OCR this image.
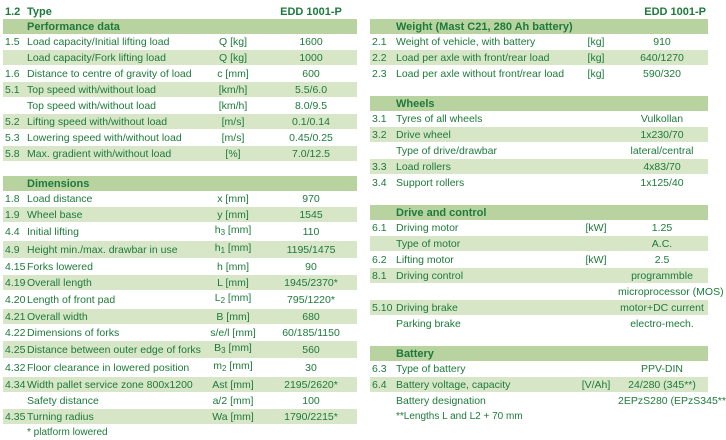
1.2	Type		EDD 1001-P
	Performance data		
1.5	Load capacity/Initial lifting load	Q [kg]	1600
	Load capacity/Fork lifting load	Q [kg]	1000
1.6	Distance to centre of gravity of load	c [mm]	600
5.1	Top speed with/without load	[km/h]	5.5/6.0
	Top speed with/without load	[km/h]	8.0/9.5
5.2	Lifting speed with/without load	[m/s]	0.1/0.14
5.3	Lowering speed with/without load	[m/s]	0.45/0.25
5.8	Max. gradient with/without load	[%]	7.0/12.5

	Dimensions		
1.8	Load distance	x [mm]	970
1.9	Wheel base	y [mm]	1545
4.4	Initial lifting	$h_3$ [mm]	110
4.9	Height min./max. drawbar in use	$h_1$ [mm]	1195/1475
4.15	Forks lowered	h [mm]	90
4.19	Overall length	L [mm]	1945/2370*
4.20	Length of front pad	$L_2$ [mm]	795/1220*
4.21	Overall width	B [mm]	680
4.22	Dimensions of forks	s/e/l [mm]	60/185/1150
4.25	Distance between outer edge of forks	$B_3$ [mm]	560
4.32	Floor clearance in lowered position	$m_2$ [mm]	30
4.34	Width pallet service zone 800x1200	Ast [mm]	2195/2620*
	Safety distance	a/2 [mm]	100
4.35	Turning radius	Wa [mm]	1790/2215*
	* platform lowered		
			EDD 1001-P
	Weight (Mast C21, 280 Ah battery)		
2.1	Weight of vehicle, with battery	[kg]	910
2.2	Load per axle with front/rear load	[kg]	640/1270
2.3	Load per axle without front/rear load	[kg]	590/320

	Wheels		
3.1	Tyres of all wheels		Vulkollan
3.2	Drive wheel		1x230/70
	Type of drive/drawbar		lateral/central
3.3	Load rollers		4x83/70
3.4	Support rollers		1x125/40

	Drive and control		
6.1	Driving motor	[kW]	1.25
	Type of motor		A.C.
6.2	Lifting motor	[kW]	2.5
8.1	Driving control		programmble
			microprocessor (MOS)
5.10	Driving brake		motor+DC current
	Parking brake		electro-mech.

	Battery		
6.3	Type of battery		PPV-DIN
6.4	Battery voltage, capacity	[V/Ah]	24/280 (345**)
	Battery designation		2EPzS280 (EPzS345**
	**Lengths L and L2 + 70 mm		
